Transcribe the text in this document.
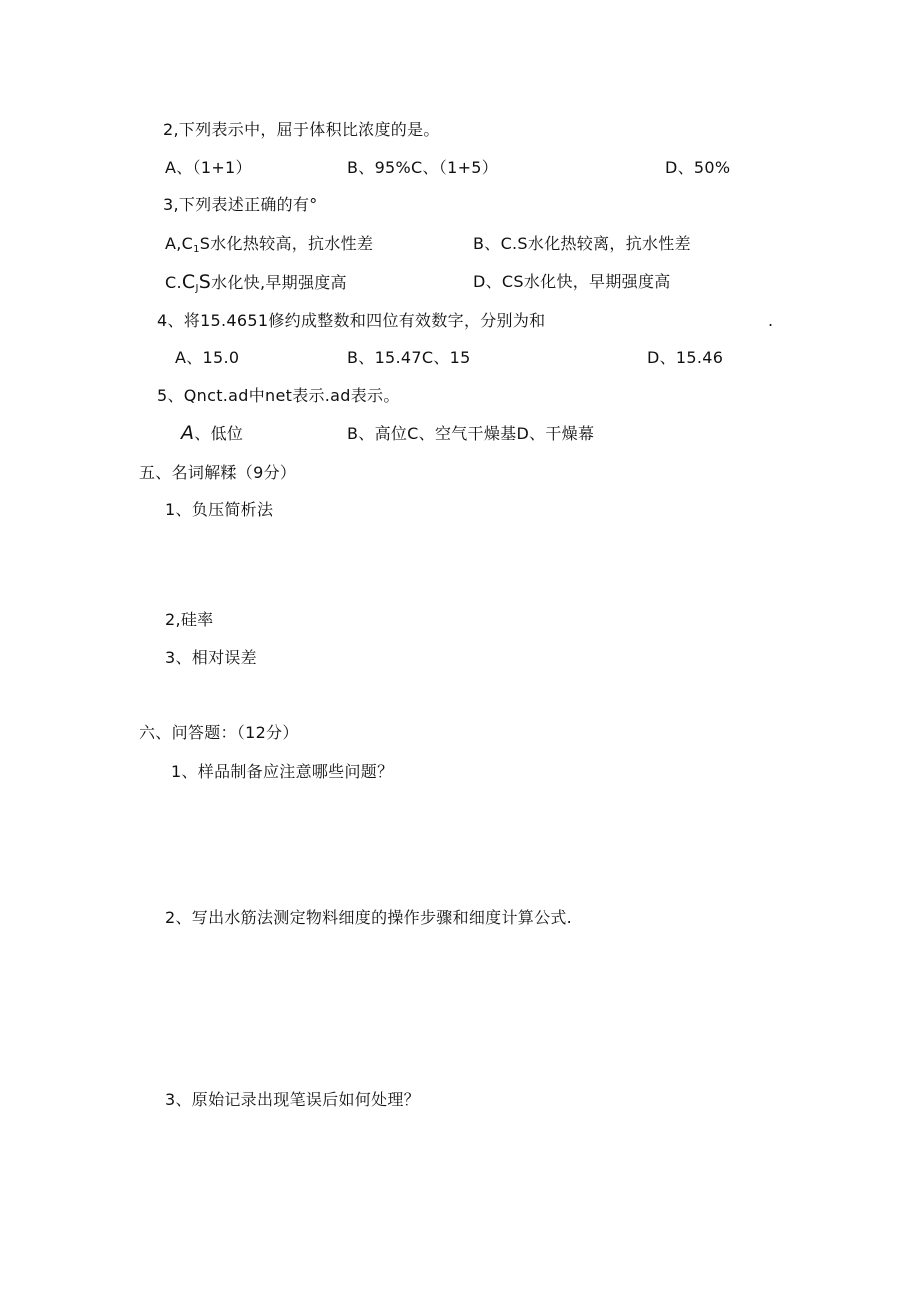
2,下列表示中，屈于体积比浓度的是。
A、（1+1）	B、95%C、（1+5）	D、50%
3,下列表述正确的有°
A,C1S水化热较高，抗水性差	B、C.S水化热较离，抗水性差
C.CJS水化快,早期强度高	D、CS水化快，早期强度高
4、将15.4651修约成整数和四位有效数字，分别为和	.
A、15.0	B、15.47C、15	D、15.46
5、Qnct.ad中net表示.ad表示。
A、低位	B、高位C、空气干燥基D、干燥幕
五、名词解糅（9分）
1、负压简析法
2,硅率
3、相对误差
六、问答题：（12分）
1、样品制备应注意哪些问题？
2、写出水筋法测定物料细度的操作步骤和细度计算公式.
3、原始记录出现笔误后如何处理？
